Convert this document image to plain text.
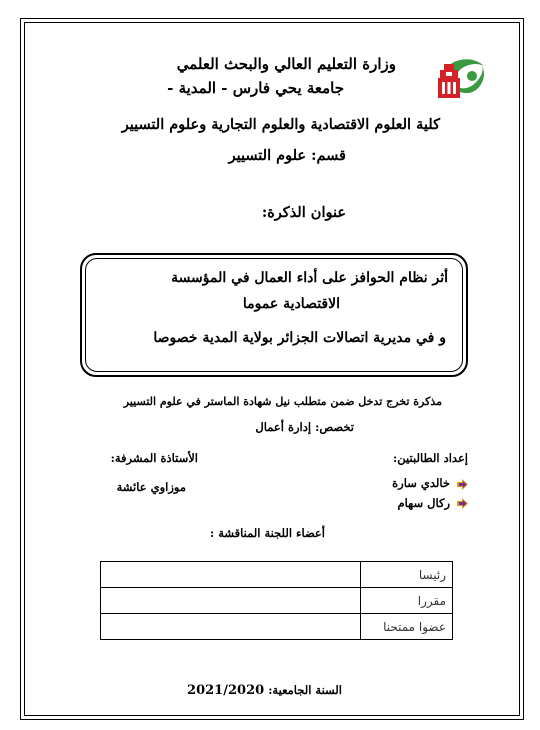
وزارة التعليم العالي والبحث العلمي
جامعة يحي فارس - المدية -
كلية العلوم الاقتصادية والعلوم التجارية وعلوم التسيير
قسم: علوم التسيير
عنوان الذكرة:
أثر نظام الحوافز على أداء العمال في المؤسسة
الاقتصادية عموما
و في مديرية اتصالات الجزائر بولاية المدية خصوصا
مذكرة تخرج تدخل ضمن متطلب نيل شهادة الماستر في علوم التسيير
تخصص: إدارة أعمال
إعداد الطالبتين:
خالدي سارة
ركال سهام
الأستاذة المشرفة:
موزاوي عائشة
أعضاء اللجنة المناقشة :
رئيسا	
مقررا	
عضوا ممتحنا	
السنة الجامعية: 2021/2020
